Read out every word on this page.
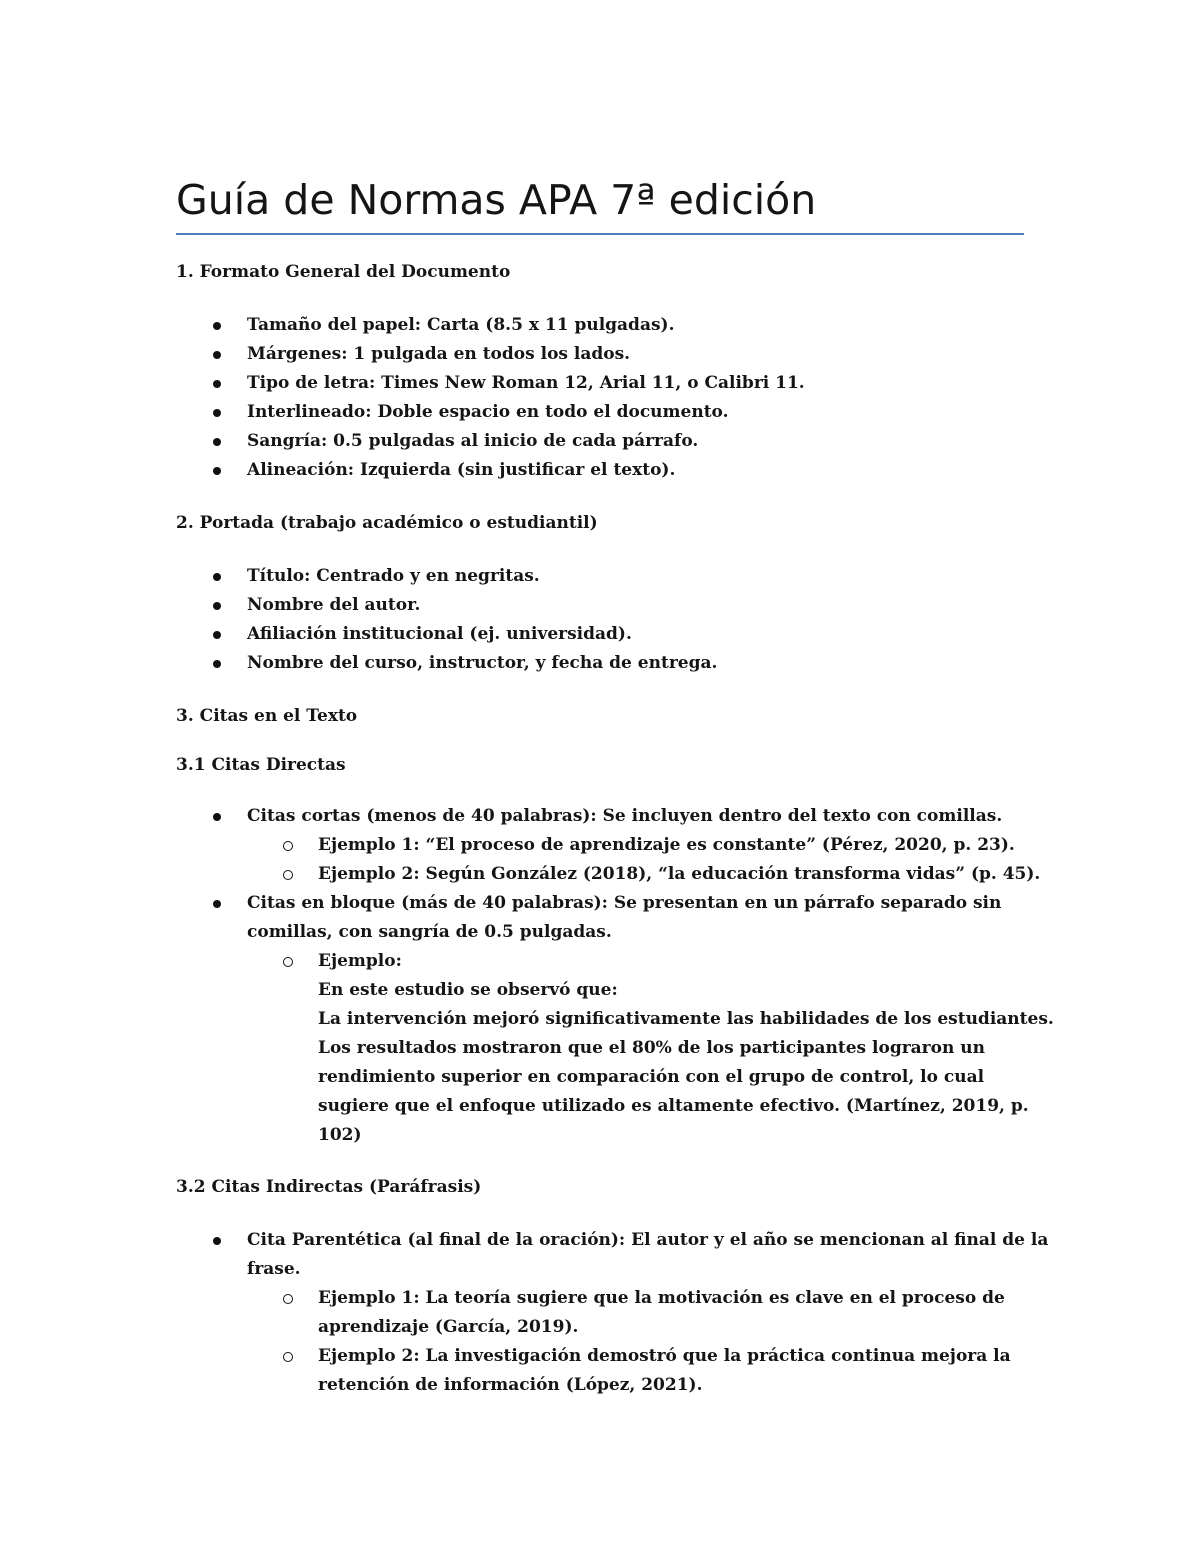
Guía de Normas APA 7ª edición

1. Formato General del Documento

Tamaño del papel: Carta (8.5 x 11 pulgadas).

Márgenes: 1 pulgada en todos los lados.

Tipo de letra: Times New Roman 12, Arial 11, o Calibri 11.

Interlineado: Doble espacio en todo el documento.

Sangría: 0.5 pulgadas al inicio de cada párrafo.

Alineación: Izquierda (sin justificar el texto).

2. Portada (trabajo académico o estudiantil)

Título: Centrado y en negritas.

Nombre del autor.

Afiliación institucional (ej. universidad).

Nombre del curso, instructor, y fecha de entrega.

3. Citas en el Texto

3.1 Citas Directas

Citas cortas (menos de 40 palabras): Se incluyen dentro del texto con comillas.

Ejemplo 1: “El proceso de aprendizaje es constante” (Pérez, 2020, p. 23).

Ejemplo 2: Según González (2018), “la educación transforma vidas” (p. 45).

Citas en bloque (más de 40 palabras): Se presentan en un párrafo separado sin

comillas, con sangría de 0.5 pulgadas.

Ejemplo:

En este estudio se observó que:

La intervención mejoró significativamente las habilidades de los estudiantes.

Los resultados mostraron que el 80% de los participantes lograron un

rendimiento superior en comparación con el grupo de control, lo cual

sugiere que el enfoque utilizado es altamente efectivo. (Martínez, 2019, p.

102)

3.2 Citas Indirectas (Paráfrasis)

Cita Parentética (al final de la oración): El autor y el año se mencionan al final de la

frase.

Ejemplo 1: La teoría sugiere que la motivación es clave en el proceso de

aprendizaje (García, 2019).

Ejemplo 2: La investigación demostró que la práctica continua mejora la

retención de información (López, 2021).
